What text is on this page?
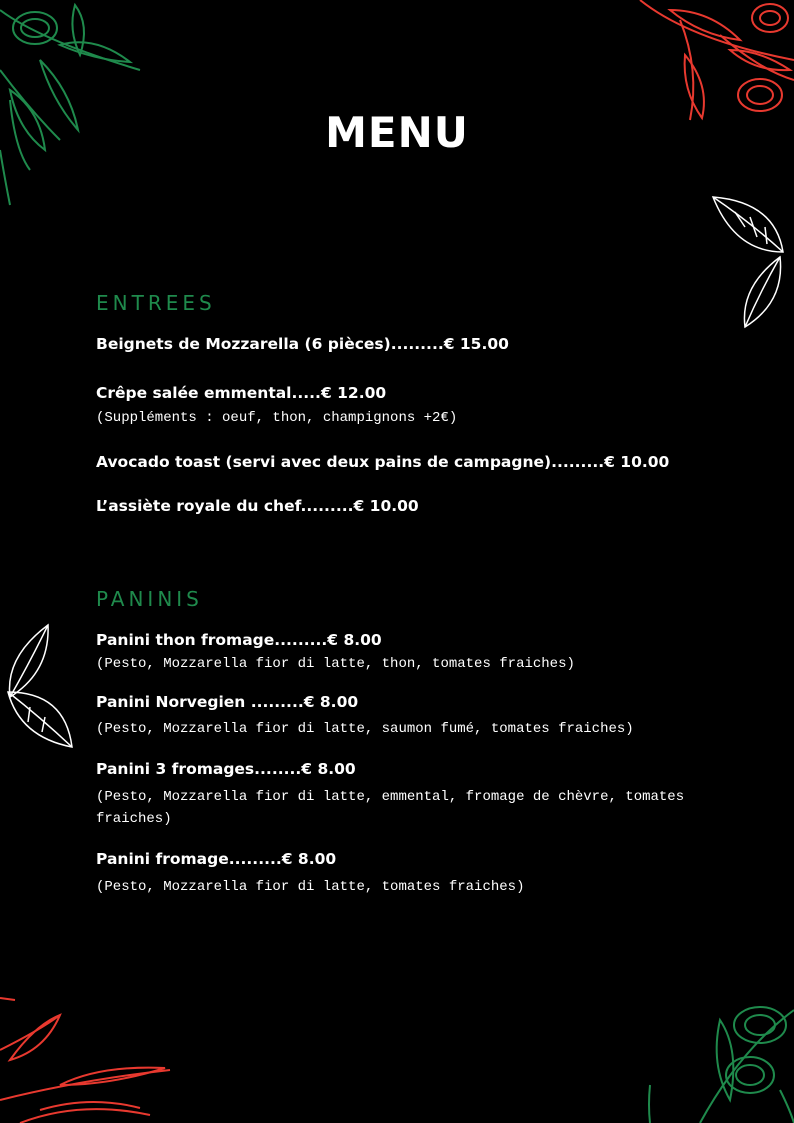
MENU
ENTREES
Beignets de Mozzarella (6 pièces).........€ 15.00
Crêpe salée emmental.....€ 12.00
(Suppléments : oeuf, thon, champignons +2€)
Avocado toast (servi avec deux pains de campagne).........€ 10.00
L’assiète royale du chef.........€ 10.00
PANINIS
Panini thon fromage.........€ 8.00
(Pesto, Mozzarella fior di latte, thon, tomates fraiches)
Panini Norvegien .........€ 8.00
(Pesto, Mozzarella fior di latte, saumon fumé, tomates fraiches)
Panini 3 fromages........€ 8.00
(Pesto, Mozzarella fior di latte, emmental, fromage de chèvre, tomates fraiches)
Panini fromage.........€ 8.00
(Pesto, Mozzarella fior di latte, tomates fraiches)
